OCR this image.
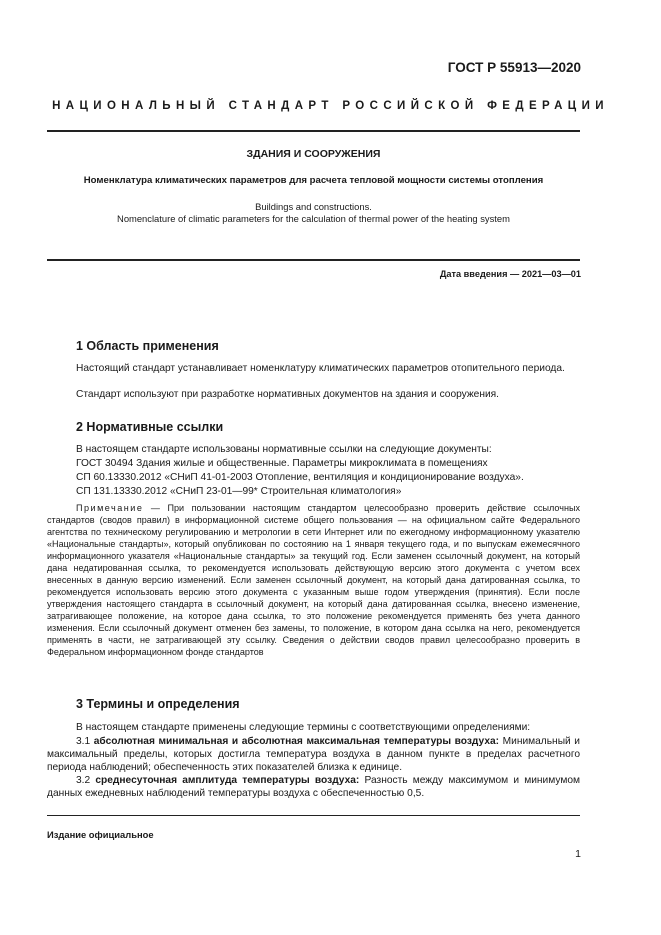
ГОСТ Р 55913—2020
НАЦИОНАЛЬНЫЙ СТАНДАРТ РОССИЙСКОЙ ФЕДЕРАЦИИ
ЗДАНИЯ И СООРУЖЕНИЯ
Номенклатура климатических параметров для расчета тепловой мощности системы отопления
Buildings and constructions.
Nomenclature of climatic parameters for the calculation of thermal power of the heating system
Дата введения — 2021—03—01
1 Область применения
Настоящий стандарт устанавливает номенклатуру климатических параметров отопительного периода.
Стандарт используют при разработке нормативных документов на здания и сооружения.
2 Нормативные ссылки
В настоящем стандарте использованы нормативные ссылки на следующие документы:
ГОСТ 30494 Здания жилые и общественные. Параметры микроклимата в помещениях
СП 60.13330.2012 «СНиП 41-01-2003 Отопление, вентиляция и кондиционирование воздуха».
СП 131.13330.2012 «СНиП 23-01—99* Строительная климатология»
Примечание — При пользовании настоящим стандартом целесообразно проверить действие ссылочных стандартов (сводов правил) в информационной системе общего пользования — на официальном сайте Федерального агентства по техническому регулированию и метрологии в сети Интернет или по ежегодному информационному указателю «Национальные стандарты», который опубликован по состоянию на 1 января текущего года, и по выпускам ежемесячного информационного указателя «Национальные стандарты» за текущий год. Если заменен ссылочный документ, на который дана недатированная ссылка, то рекомендуется использовать действующую версию этого документа с учетом всех внесенных в данную версию изменений. Если заменен ссылочный документ, на который дана датированная ссылка, то рекомендуется использовать версию этого документа с указанным выше годом утверждения (принятия). Если после утверждения настоящего стандарта в ссылочный документ, на который дана датированная ссылка, внесено изменение, затрагивающее положение, на которое дана ссылка, то это положение рекомендуется применять без учета данного изменения. Если ссылочный документ отменен без замены, то положение, в котором дана ссылка на него, рекомендуется применять в части, не затрагивающей эту ссылку. Сведения о действии сводов правил целесообразно проверить в Федеральном информационном фонде стандартов
3 Термины и определения
В настоящем стандарте применены следующие термины с соответствующими определениями:
3.1 абсолютная минимальная и абсолютная максимальная температуры воздуха: Минимальный и максимальный пределы, которых достигла температура воздуха в данном пункте в пределах расчетного периода наблюдений; обеспеченность этих показателей близка к единице.
3.2 среднесуточная амплитуда температуры воздуха: Разность между максимумом и минимумом данных ежедневных наблюдений температуры воздуха с обеспеченностью 0,5.
Издание официальное
1
